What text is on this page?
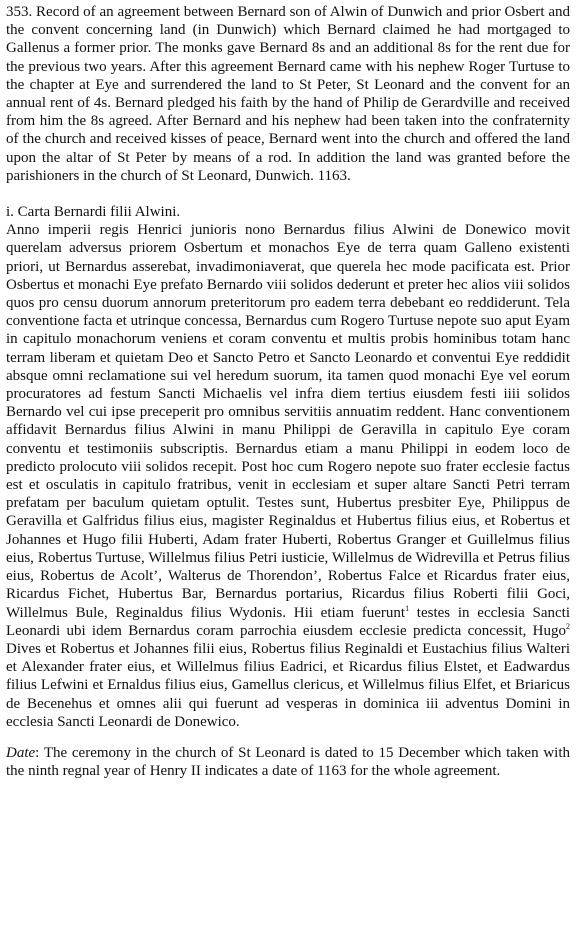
353. Record of an agreement between Bernard son of Alwin of Dunwich and prior Osbert and the convent concerning land (in Dunwich) which Bernard claimed he had mortgaged to Gallenus a former prior. The monks gave Bernard 8s and an additional 8s for the rent due for the previous two years. After this agreement Bernard came with his nephew Roger Turtuse to the chapter at Eye and surrendered the land to St Peter, St Leonard and the convent for an annual rent of 4s. Bernard pledged his faith by the hand of Philip de Gerardville and received from him the 8s agreed. After Bernard and his nephew had been taken into the confraternity of the church and received kisses of peace, Bernard went into the church and offered the land upon the altar of St Peter by means of a rod. In addition the land was granted before the parishioners in the church of St Leonard, Dunwich. 1163.

i. Carta Bernardi filii Alwini.

Anno imperii regis Henrici junioris nono Bernardus filius Alwini de Donewico movit querelam adversus priorem Osbertum et monachos Eye de terra quam Galleno existenti priori, ut Bernardus asserebat, invadimoniaverat, que querela hec mode pacificata est. Prior Osbertus et monachi Eye prefato Bernardo viii solidos dederunt et preter hec alios viii solidos quos pro censu duorum annorum preteritorum pro eadem terra debebant eo reddiderunt. Tela conventione facta et utrinque concessa, Bernardus cum Rogero Turtuse nepote suo aput Eyam in capitulo monachorum veniens et coram conventu et multis probis hominibus totam hanc terram liberam et quietam Deo et Sancto Petro et Sancto Leonardo et conventui Eye reddidit absque omni reclamatione sui vel heredum suorum, ita tamen quod monachi Eye vel eorum procuratores ad festum Sancti Michaelis vel infra diem tertius eiusdem festi iiii solidos Bernardo vel cui ipse preceperit pro omnibus servitiis annuatim reddent. Hanc conventionem affidavit Bernardus filius Alwini in manu Philippi de Geravilla in capitulo Eye coram conventu et testimoniis subscriptis. Bernardus etiam a manu Philippi in eodem loco de predicto prolocuto viii solidos recepit. Post hoc cum Rogero nepote suo frater ecclesie factus est et osculatis in capitulo fratribus, venit in ecclesiam et super altare Sancti Petri terram prefatam per baculum quietam optulit. Testes sunt, Hubertus presbiter Eye, Philippus de Geravilla et Galfridus filius eius, magister Reginaldus et Hubertus filius eius, et Robertus et Johannes et Hugo filii Huberti, Adam frater Huberti, Robertus Granger et Guillelmus filius eius, Robertus Turtuse, Willelmus filius Petri iusticie, Willelmus de Widrevilla et Petrus filius eius, Robertus de Acolt’, Walterus de Thorendon’, Robertus Falce et Ricardus frater eius, Ricardus Fichet, Hubertus Bar, Bernardus portarius, Ricardus filius Roberti filii Goci, Willelmus Bule, Reginaldus filius Wydonis. Hii etiam fuerunt$^1$ testes in ecclesia Sancti Leonardi ubi idem Bernardus coram parrochia eiusdem ecclesie predicta concessit, Hugo$^2$ Dives et Robertus et Johannes filii eius, Robertus filius Reginaldi et Eustachius filius Walteri et Alexander frater eius, et Willelmus filius Eadrici, et Ricardus filius Elstet, et Eadwardus filius Lefwini et Ernaldus filius eius, Gamellus clericus, et Willelmus filius Elfet, et Briaricus de Becenehus et omnes alii qui fuerunt ad vesperas in dominica iii adventus Domini in ecclesia Sancti Leonardi de Donewico.

Date: The ceremony in the church of St Leonard is dated to 15 December which taken with the ninth regnal year of Henry II indicates a date of 1163 for the whole agreement.
